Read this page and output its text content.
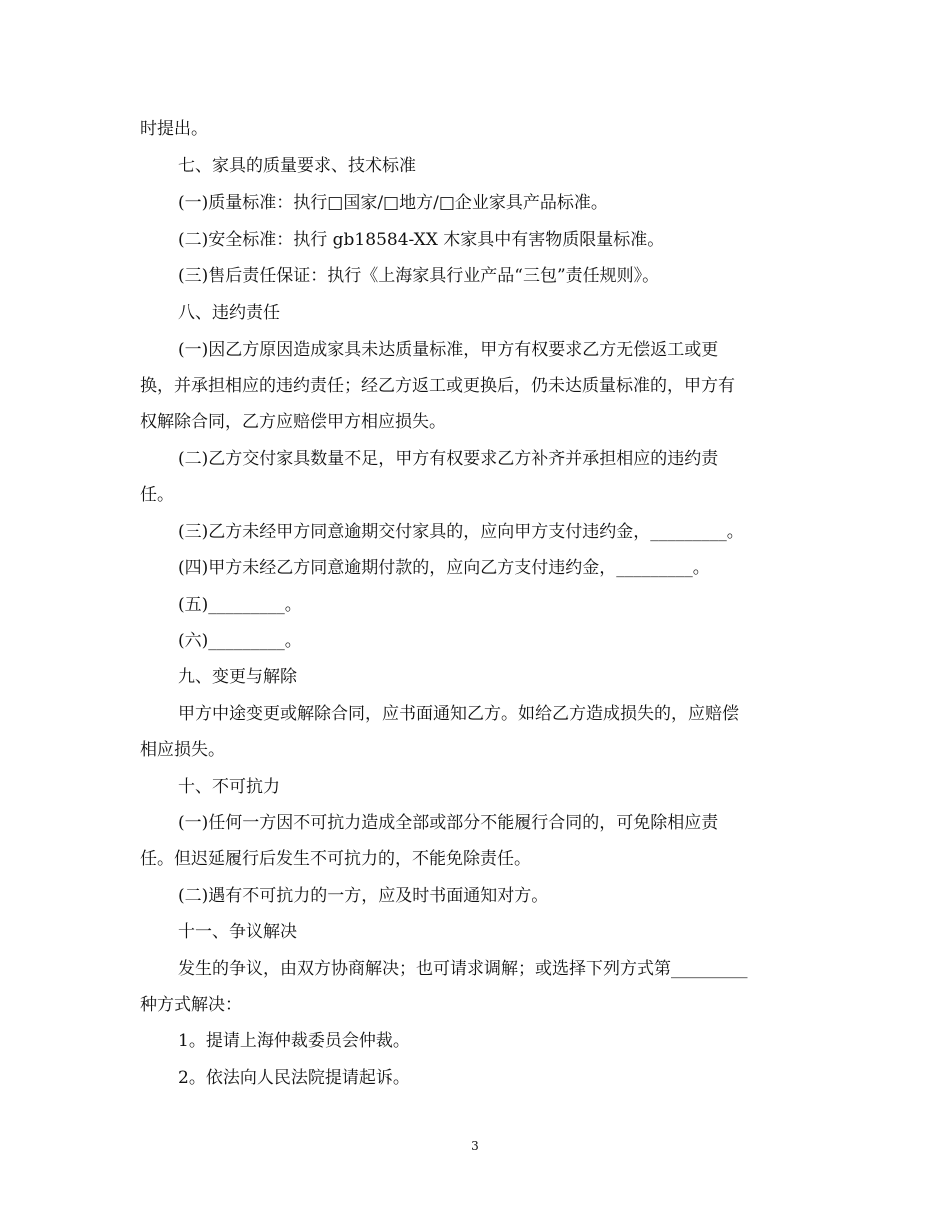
时提出。
七、家具的质量要求、技术标准
(一)质量标准：执行□国家/□地方/□企业家具产品标准。
(二)安全标准：执行 gb18584-XX 木家具中有害物质限量标准。
(三)售后责任保证：执行《上海家具行业产品“三包”责任规则》。
八、违约责任
(一)因乙方原因造成家具未达质量标准，甲方有权要求乙方无偿返工或更
换，并承担相应的违约责任；经乙方返工或更换后，仍未达质量标准的，甲方有
权解除合同，乙方应赔偿甲方相应损失。
(二)乙方交付家具数量不足，甲方有权要求乙方补齐并承担相应的违约责
任。
(三)乙方未经甲方同意逾期交付家具的，应向甲方支付违约金，_________。
(四)甲方未经乙方同意逾期付款的，应向乙方支付违约金，_________。
(五)_________。
(六)_________。
九、变更与解除
甲方中途变更或解除合同，应书面通知乙方。如给乙方造成损失的，应赔偿
相应损失。
十、不可抗力
(一)任何一方因不可抗力造成全部或部分不能履行合同的，可免除相应责
任。但迟延履行后发生不可抗力的，不能免除责任。
(二)遇有不可抗力的一方，应及时书面通知对方。
十一、争议解决
发生的争议，由双方协商解决；也可请求调解；或选择下列方式第_________
种方式解决：
1。提请上海仲裁委员会仲裁。
2。依法向人民法院提请起诉。
3
